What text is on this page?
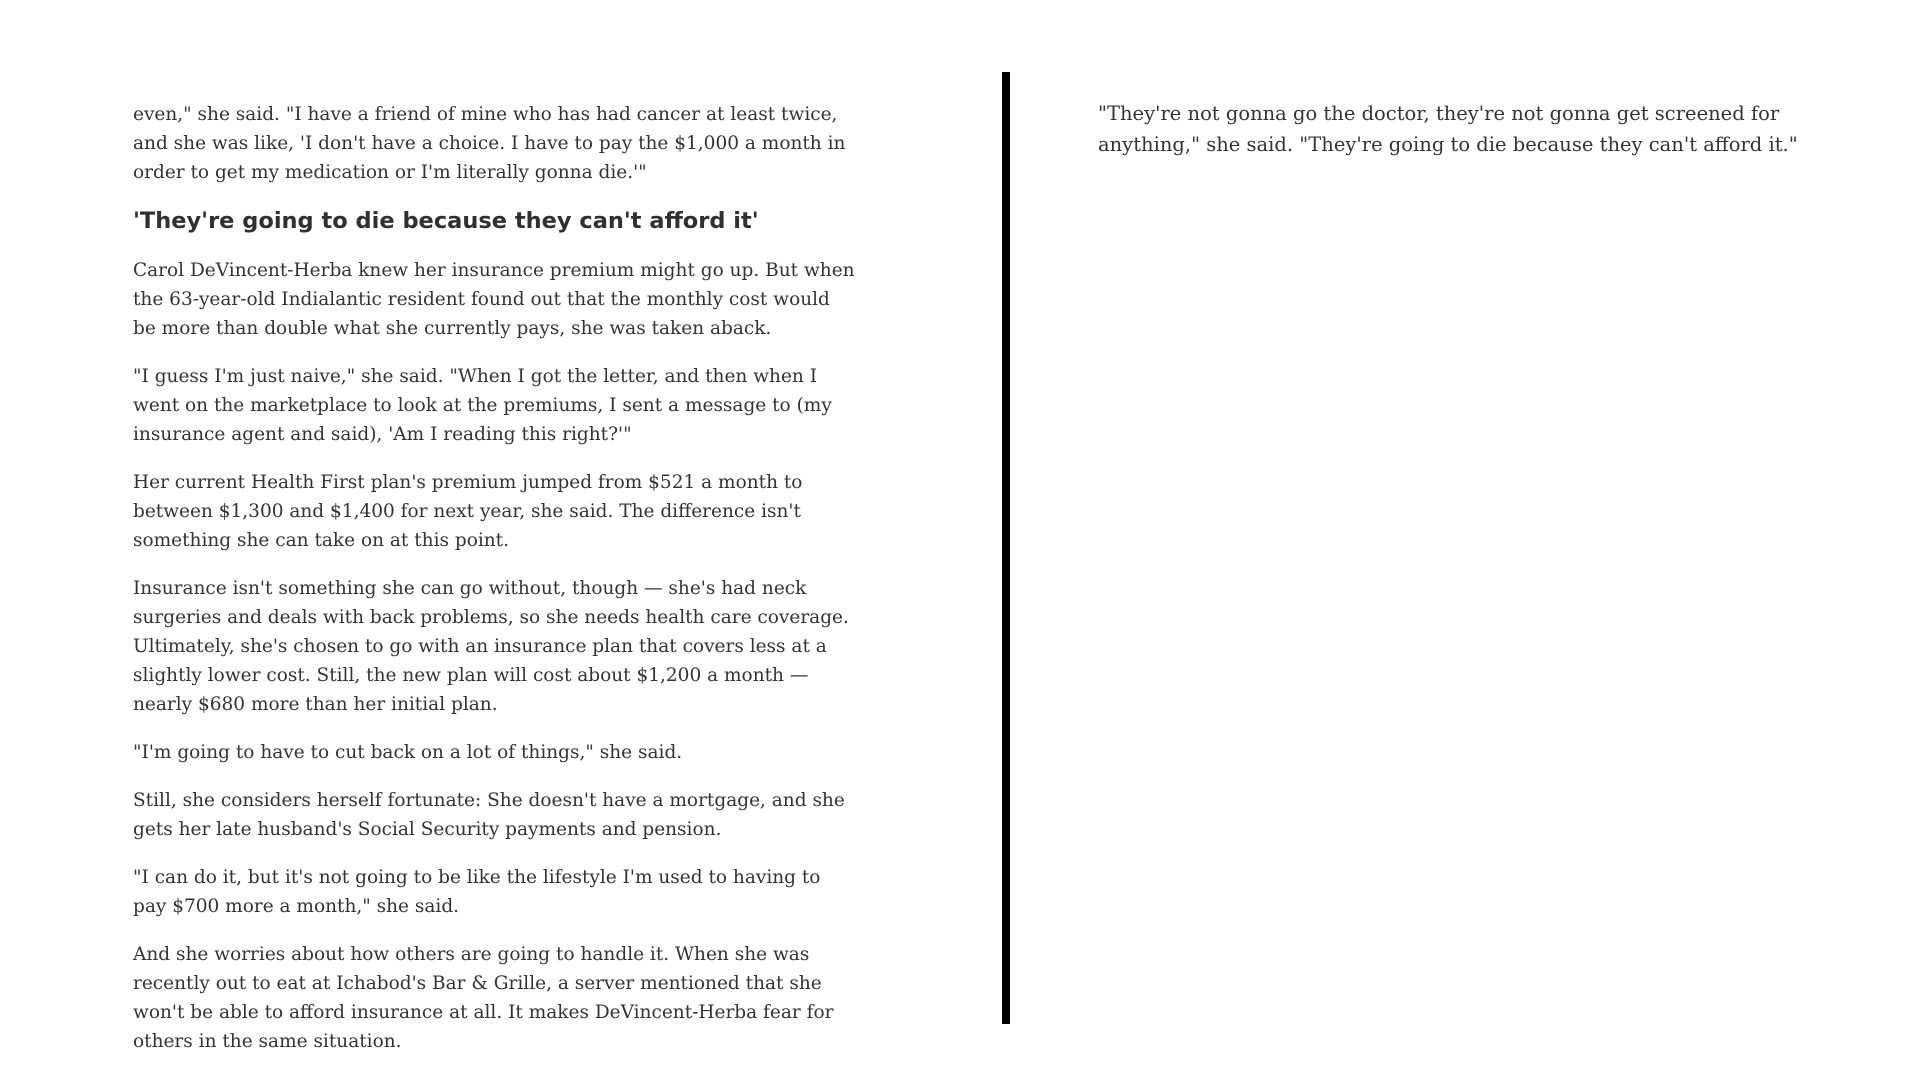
even," she said. "I have a friend of mine who has had cancer at least twice, and she was like, 'I don't have a choice. I have to pay the $1,000 a month in order to get my medication or I'm literally gonna die.'"

'They're going to die because they can't afford it'

Carol DeVincent-Herba knew her insurance premium might go up. But when the 63-year-old Indialantic resident found out that the monthly cost would be more than double what she currently pays, she was taken aback.

"I guess I'm just naive," she said. "When I got the letter, and then when I went on the marketplace to look at the premiums, I sent a message to (my insurance agent and said), 'Am I reading this right?'"

Her current Health First plan's premium jumped from $521 a month to between $1,300 and $1,400 for next year, she said. The difference isn't something she can take on at this point.

Insurance isn't something she can go without, though — she's had neck surgeries and deals with back problems, so she needs health care coverage. Ultimately, she's chosen to go with an insurance plan that covers less at a slightly lower cost. Still, the new plan will cost about $1,200 a month — nearly $680 more than her initial plan.

"I'm going to have to cut back on a lot of things," she said.

Still, she considers herself fortunate: She doesn't have a mortgage, and she gets her late husband's Social Security payments and pension.

"I can do it, but it's not going to be like the lifestyle I'm used to having to pay $700 more a month," she said.

And she worries about how others are going to handle it. When she was recently out to eat at Ichabod's Bar & Grille, a server mentioned that she won't be able to afford insurance at all. It makes DeVincent-Herba fear for others in the same situation.

"They're not gonna go the doctor, they're not gonna get screened for anything," she said. "They're going to die because they can't afford it."
